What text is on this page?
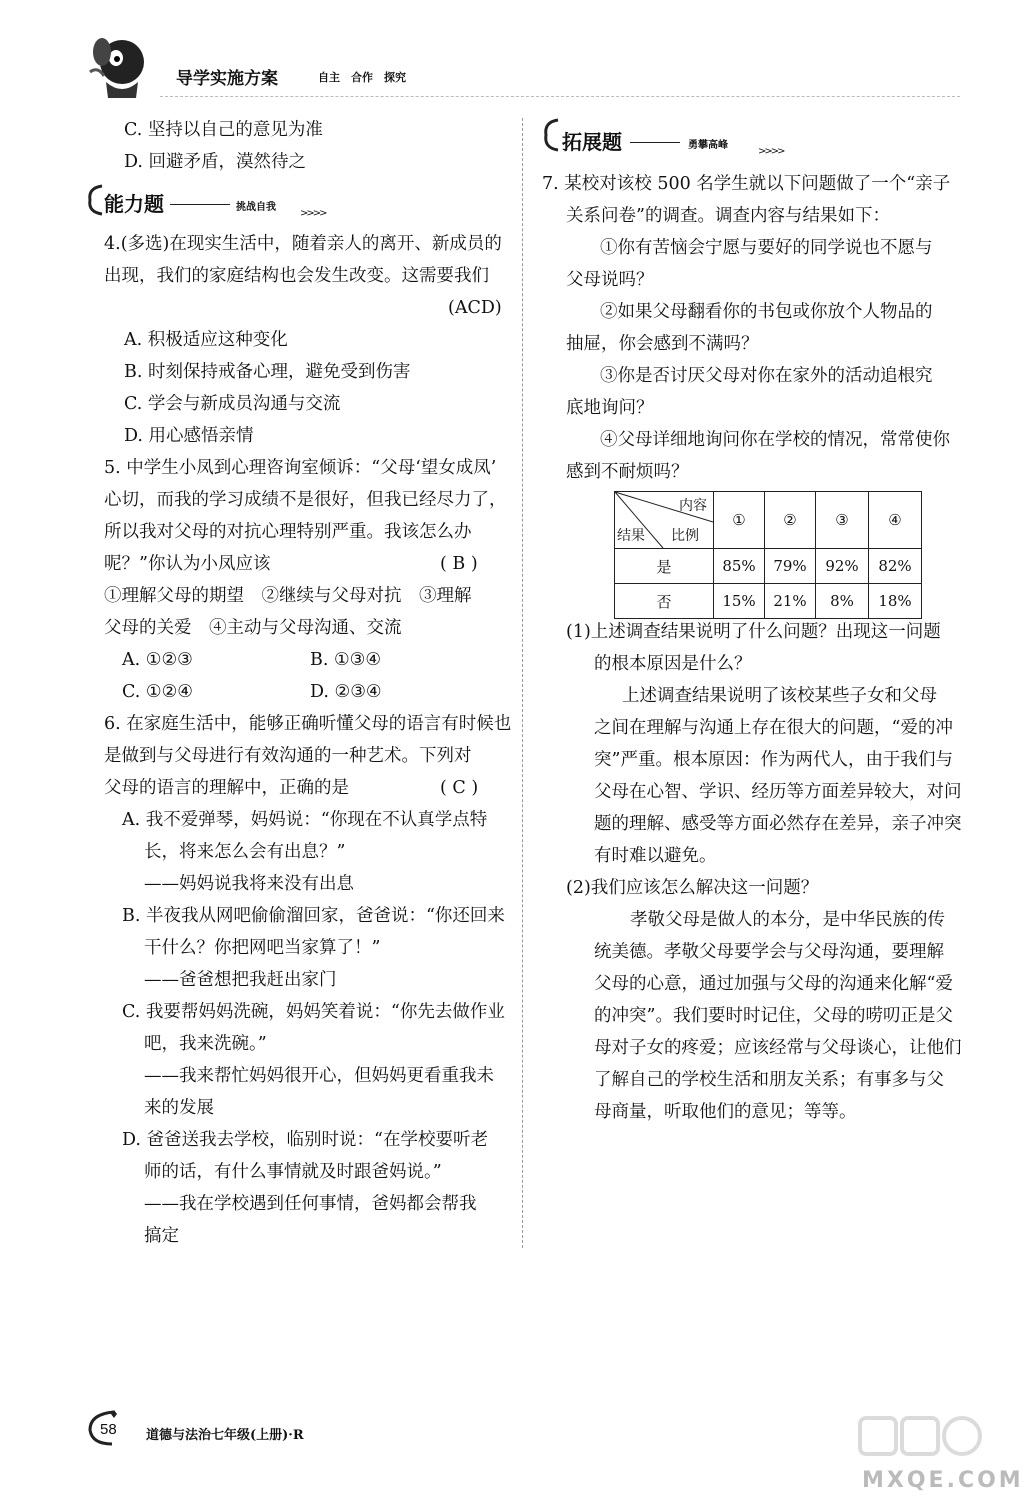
导学实施方案	自主　合作　探究
C. 坚持以自己的意见为准
D. 回避矛盾，漠然待之
能力题	挑战自我
>>>>
4.(多选)在现实生活中，随着亲人的离开、新成员的
出现，我们的家庭结构也会发生改变。这需要我们
(ACD)
A. 积极适应这种变化
B. 时刻保持戒备心理，避免受到伤害
C. 学会与新成员沟通与交流
D. 用心感悟亲情
5. 中学生小凤到心理咨询室倾诉：“父母‘望女成凤’
心切，而我的学习成绩不是很好，但我已经尽力了，
所以我对父母的对抗心理特别严重。我该怎么办
呢？”你认为小凤应该	( B )
①理解父母的期望　②继续与父母对抗　③理解
父母的关爱　④主动与父母沟通、交流
A. ①②③	B. ①③④
C. ①②④	D. ②③④
6. 在家庭生活中，能够正确听懂父母的语言有时候也
是做到与父母进行有效沟通的一种艺术。下列对
父母的语言的理解中，正确的是	( C )
A. 我不爱弹琴，妈妈说：“你现在不认真学点特
长，将来怎么会有出息？”
——妈妈说我将来没有出息
B. 半夜我从网吧偷偷溜回家，爸爸说：“你还回来
干什么？你把网吧当家算了！”
——爸爸想把我赶出家门
C. 我要帮妈妈洗碗，妈妈笑着说：“你先去做作业
吧，我来洗碗。”
——我来帮忙妈妈很开心，但妈妈更看重我未
来的发展
D. 爸爸送我去学校，临别时说：“在学校要听老
师的话，有什么事情就及时跟爸妈说。”
——我在学校遇到任何事情，爸妈都会帮我
搞定
拓展题	勇攀高峰
>>>>
7. 某校对该校 500 名学生就以下问题做了一个“亲子
关系问卷”的调查。调查内容与结果如下：
①你有苦恼会宁愿与要好的同学说也不愿与
父母说吗？
②如果父母翻看你的书包或你放个人物品的
抽屉，你会感到不满吗？
③你是否讨厌父母对你在家外的活动追根究
底地询问？
④父母详细地询问你在学校的情况，常常使你
感到不耐烦吗？
内容
结果 比例	①	②	③	④
是	85%	79%	92%	82%
否	15%	21%	8%	18%
(1)上述调查结果说明了什么问题？出现这一问题
的根本原因是什么？
上述调查结果说明了该校某些子女和父母
之间在理解与沟通上存在很大的问题，“爱的冲
突”严重。根本原因：作为两代人，由于我们与
父母在心智、学识、经历等方面差异较大，对问
题的理解、感受等方面必然存在差异，亲子冲突
有时难以避免。
(2)我们应该怎么解决这一问题？
孝敬父母是做人的本分，是中华民族的传
统美德。孝敬父母要学会与父母沟通，要理解
父母的心意，通过加强与父母的沟通来化解“爱
的冲突”。我们要时时记住，父母的唠叨正是父
母对子女的疼爱；应该经常与父母谈心，让他们
了解自己的学校生活和朋友关系；有事多与父
母商量，听取他们的意见；等等。
58 道德与法治七年级(上册)·R
MXQE.COM
